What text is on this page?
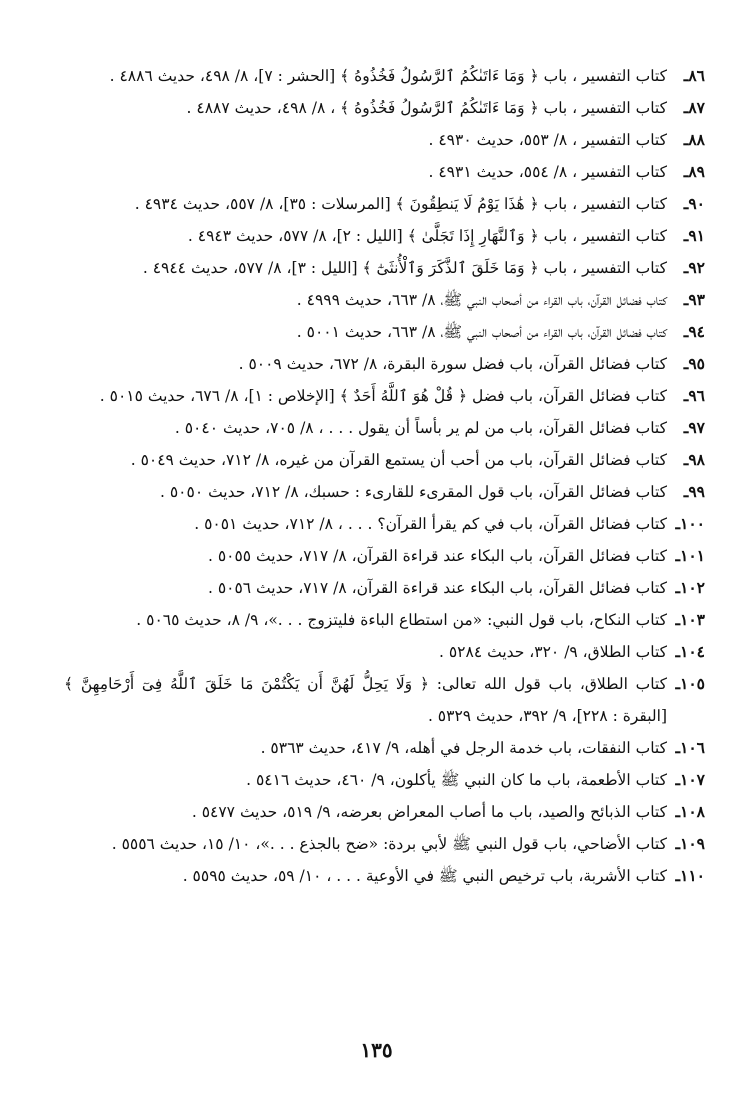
٨٦ـ
كتاب التفسير ، باب ﴿ وَمَا ءَاتَىٰكُمُ ٱلرَّسُولُ فَخُذُوهُ ﴾ [الحشر : ٧]، ٨/ ٤٩٨، حديث ٤٨٨٦ .
٨٧ـ
كتاب التفسير ، باب ﴿ وَمَا ءَاتَىٰكُمُ ٱلرَّسُولُ فَخُذُوهُ ﴾ ، ٨/ ٤٩٨، حديث ٤٨٨٧ .
٨٨ـ
كتاب التفسير ، ٨/ ٥٥٣، حديث ٤٩٣٠ .
٨٩ـ
كتاب التفسير ، ٨/ ٥٥٤، حديث ٤٩٣١ .
٩٠ـ
كتاب التفسير ، باب ﴿ هَٰذَا يَوْمُ لَا يَنطِقُونَ ﴾ [المرسلات : ٣٥]، ٨/ ٥٥٧، حديث ٤٩٣٤ .
٩١ـ
كتاب التفسير ، باب ﴿ وَٱلنَّهَارِ إِذَا تَجَلَّىٰ ﴾ [الليل : ٢]، ٨/ ٥٧٧، حديث ٤٩٤٣ .
٩٢ـ
كتاب التفسير ، باب ﴿ وَمَا خَلَقَ ٱلذَّكَرَ وَٱلْأُنثَىٰٓ ﴾ [الليل : ٣]، ٨/ ٥٧٧، حديث ٤٩٤٤ .
٩٣ـ
كتاب فضائل القرآن، باب القراء من أصحاب النبي ﷺ، ٨/ ٦٦٣، حديث ٤٩٩٩ .
٩٤ـ
كتاب فضائل القرآن، باب القراء من أصحاب النبي ﷺ، ٨/ ٦٦٣، حديث ٥٠٠١ .
٩٥ـ
كتاب فضائل القرآن، باب فضل سورة البقرة، ٨/ ٦٧٢، حديث ٥٠٠٩ .
٩٦ـ
كتاب فضائل القرآن، باب فضل ﴿ قُلْ هُوَ ٱللَّهُ أَحَدٌ ﴾ [الإخلاص : ١]، ٨/ ٦٧٦، حديث ٥٠١٥ .
٩٧ـ
كتاب فضائل القرآن، باب من لم ير بأساً أن يقول . . . ، ٨/ ٧٠٥، حديث ٥٠٤٠ .
٩٨ـ
كتاب فضائل القرآن، باب من أحب أن يستمع القرآن من غيره، ٨/ ٧١٢، حديث ٥٠٤٩ .
٩٩ـ
كتاب فضائل القرآن، باب قول المقرىء للقارىء : حسبك، ٨/ ٧١٢، حديث ٥٠٥٠ .
١٠٠ـ
كتاب فضائل القرآن، باب في كم يقرأ القرآن؟ . . . ، ٨/ ٧١٢، حديث ٥٠٥١ .
١٠١ـ
كتاب فضائل القرآن، باب البكاء عند قراءة القرآن، ٨/ ٧١٧، حديث ٥٠٥٥ .
١٠٢ـ
كتاب فضائل القرآن، باب البكاء عند قراءة القرآن، ٨/ ٧١٧، حديث ٥٠٥٦ .
١٠٣ـ
كتاب النكاح، باب قول النبي: «من استطاع الباءة فليتزوج . . .»، ٩/ ٨، حديث ٥٠٦٥ .
١٠٤ـ
كتاب الطلاق، ٩/ ٣٢٠، حديث ٥٢٨٤ .
١٠٥ـ
كتاب الطلاق، باب قول الله تعالى: ﴿ وَلَا يَحِلُّ لَهُنَّ أَن يَكْتُمْنَ مَا خَلَقَ ٱللَّهُ فِىٓ أَرْحَامِهِنَّ ﴾ [البقرة : ٢٢٨]، ٩/ ٣٩٢، حديث ٥٣٢٩ .
١٠٦ـ
كتاب النفقات، باب خدمة الرجل في أهله، ٩/ ٤١٧، حديث ٥٣٦٣ .
١٠٧ـ
كتاب الأطعمة، باب ما كان النبي ﷺ يأكلون، ٩/ ٤٦٠، حديث ٥٤١٦ .
١٠٨ـ
كتاب الذبائح والصيد، باب ما أصاب المعراض بعرضه، ٩/ ٥١٩، حديث ٥٤٧٧ .
١٠٩ـ
كتاب الأضاحي، باب قول النبي ﷺ لأبي بردة: «ضح بالجذع . . .»، ١٠/ ١٥، حديث ٥٥٥٦ .
١١٠ـ
كتاب الأشربة، باب ترخيص النبي ﷺ في الأوعية . . . ، ١٠/ ٥٩، حديث ٥٥٩٥ .
١٣٥
